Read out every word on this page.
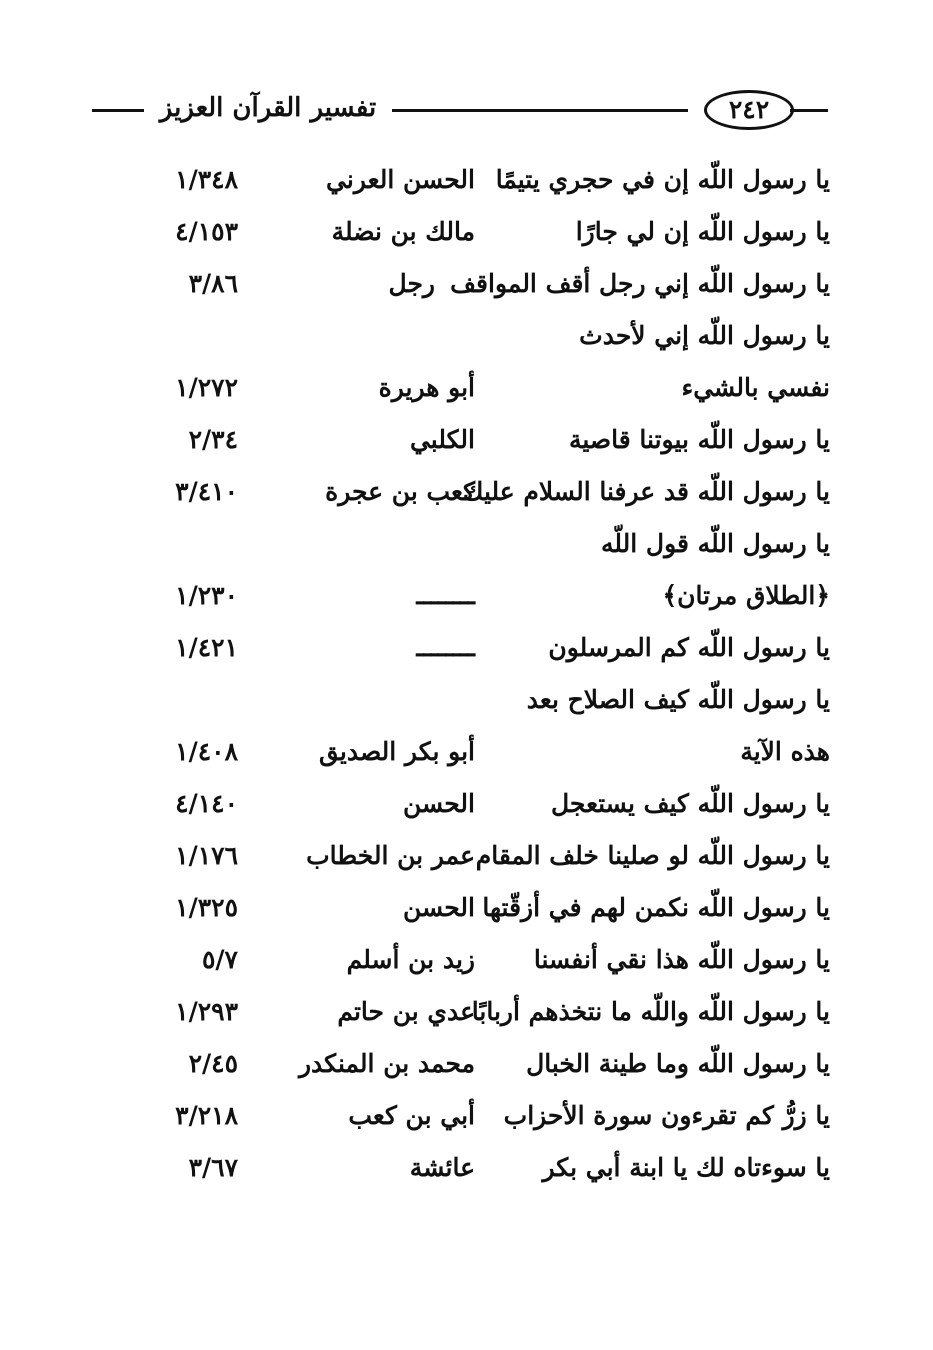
٢٤٢
تفسير القرآن العزيز
يا رسول اللّه إن في حجري يتيمًا
الحسن العرني
١/٣٤٨
يا رسول اللّه إن لي جارًا
مالك بن نضلة
٤/١٥٣
يا رسول اللّه إني رجل أقف المواقف
رجل
٣/٨٦
يا رسول اللّه إني لأحدث
نفسي بالشيء
أبو هريرة
١/٢٧٢
يا رسول اللّه بيوتنا قاصية
الكلبي
٢/٣٤
يا رسول اللّه قد عرفنا السلام عليك
كعب بن عجرة
٣/٤١٠
يا رسول اللّه قول اللّه
﴿الطلاق مرتان﴾
ــــــــ
١/٢٣٠
يا رسول اللّه كم المرسلون
ــــــــ
١/٤٢١
يا رسول اللّه كيف الصلاح بعد
هذه الآية
أبو بكر الصديق
١/٤٠٨
يا رسول اللّه كيف يستعجل
الحسن
٤/١٤٠
يا رسول اللّه لو صلينا خلف المقام
عمر بن الخطاب
١/١٧٦
يا رسول اللّه نكمن لهم في أزقّتها
الحسن
١/٣٢٥
يا رسول اللّه هذا نقي أنفسنا
زيد بن أسلم
٥/٧
يا رسول اللّه واللّه ما نتخذهم أربابًا
عدي بن حاتم
١/٢٩٣
يا رسول اللّه وما طينة الخبال
محمد بن المنكدر
٢/٤٥
يا زرُّ كم تقرءون سورة الأحزاب
أبي بن كعب
٣/٢١٨
يا سوءتاه لك يا ابنة أبي بكر
عائشة
٣/٦٧
